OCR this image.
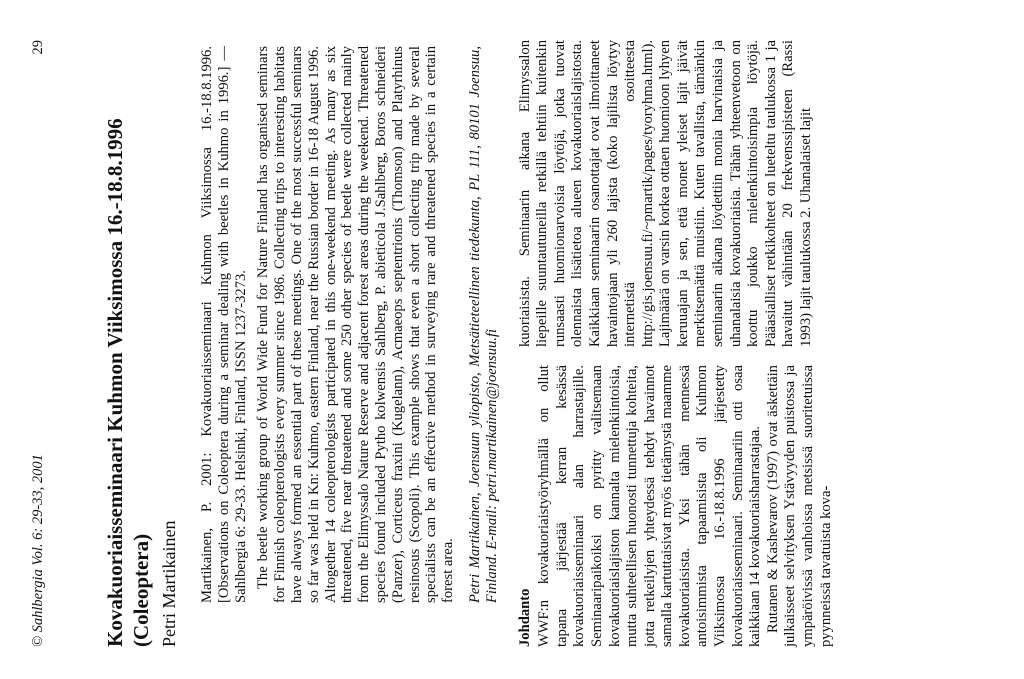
© Sahlbergia Vol. 6: 29-33, 2001
29
Kovakuoriaisseminaari Kuhmon Viiksimossa 16.-18.8.1996 (Coleoptera) Petri Martikainen Martikainen, P. 2001: Kovakuoriaisseminaari Kuhmon Viiksimossa 16.-18.8.1996. [Observations on Coleoptera during a seminar dealing with beetles in Kuhmo in 1996.] — Sahlbergia 6: 29-33. Helsinki, Finland, ISSN 1237-3273. The beetle working group of World Wide Fund for Nature Finland has organised seminars for Finnish coleopterologists every summer since 1986. Collecting trips to interesting habitats have always formed an essential part of these meetings. One of the most successful seminars so far was held in Kn: Kuhmo, eastern Finland, near the Russian border in 16-18 August 1996. Altogether 14 coleopterologists participated in this one-weekend meeting. As many as six threatened, five near threatened and some 250 other species of beetle were collected mainly from the Elimyssalo Nature Reserve and adjacent forest areas during the weekend. Threatened species found included Pytho kolwensis Sahlberg, P. abieticola J.Sahlberg, Boros schneideri (Panzer), Corticeus fraxini (Kugelann), Acmaeops septentrionis (Thomson) and Platyrhinus resinosus (Scopoli). This example shows that even a short collecting trip made by several specialists can be an effective method in surveying rare and threatened species in a certain forest area. Petri Martikainen, Joensuun yliopisto, Metsätieteellinen tiedekunta, PL 111, 80101 Joensuu, Finland. E-mail: petri.martikainen@joensuu.fi

Johdanto WWF:n kovakuoriaistyöryhmällä on ollut tapana järjestää kerran kesässä kovakuoriaisseminaari alan harrastajille. Seminaaripaikoiksi on pyritty valitsemaan kovakuoriaislajiston kannalta mielenkiintoisia, mutta suhteellisen huonosti tunnettuja kohteita, jotta retkeilyjen yhteydessä tehdyt havainnot samalla kartuttaisivat myös tietämystä maamme kovakuoriaisista. Yksi tähän mennessä antoisimmista tapaamisista oli Kuhmon Viiksimossa 16.-18.8.1996 järjestetty kovakuoriaisseminaari. Seminaariin otti osaa kaikkiaan 14 kovakuoriaisharrastajaa. Rutanen & Kashevarov (1997) ovat äskettäin julkaisseet selvityksen Ystävyyden puistossa ja ympäröivissä vanhoissa metsissä suoritetuissa pyynneissä tavatuista kova-

kuoriaisista. Seminaarin aikana Elimyssalon liepeille suuntautuneilla retkillä tehtiin kuitenkin runsaasti huomionarvoisia löytöjä, jotka tuovat olennaista lisätietoa alueen kovakuoriaislajistosta. Kaikkiaan seminaarin osanottajat ovat ilmoittaneet havaintojaan yli 260 lajista (koko lajilista löytyy internetistä osoitteesta http://gis.joensuu.fi/~pmartik/pages/tyoryhma.html). Lajimäärä on varsin korkea ottaen huomioon lyhyen keruuajan ja sen, että monet yleiset lajit jäivät merkitsemättä muistiin. Kuten tavallista, tämänkin seminaarin aikana löydettiin monia harvinaisia ja uhanalaisia kovakuoriaisia. Tähän yhteenvetoon on koottu joukko mielenkiintoisimpia löytöjä. Pääasialliset retkikohteet on lueteltu taulukossa 1 ja havaitut vähintään 20 frekvenssipisteen (Rassi 1993) lajit taulukossa 2. Uhanalaiset lajit
